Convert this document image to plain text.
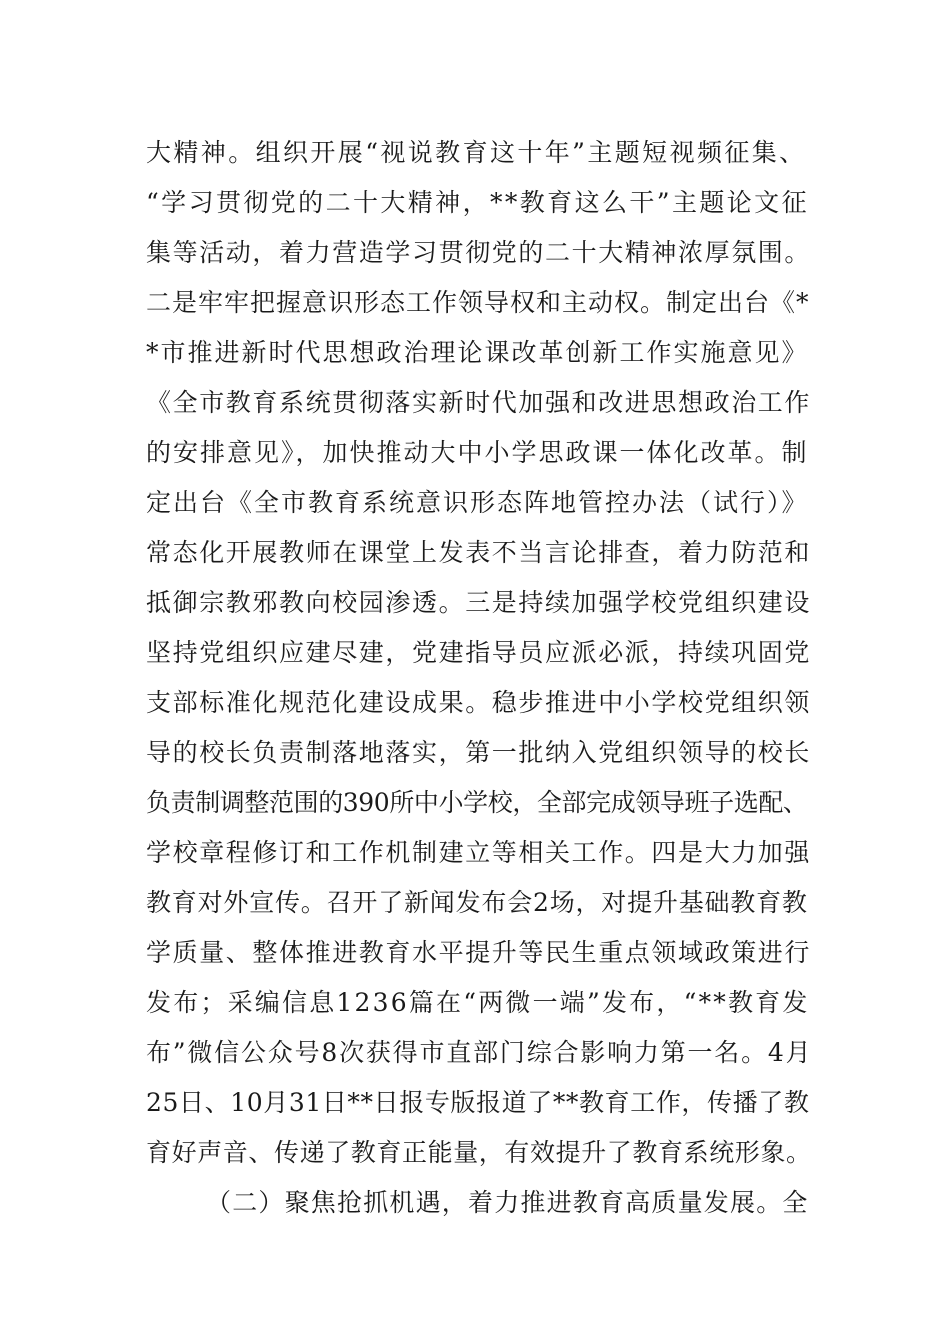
大精神。组织开展“视说教育这十年”主题短视频征集、
“学习贯彻党的二十大精神，**教育这么干”主题论文征
集等活动，着力营造学习贯彻党的二十大精神浓厚氛围。
二是牢牢把握意识形态工作领导权和主动权。制定出台《*
*市推进新时代思想政治理论课改革创新工作实施意见》
《全市教育系统贯彻落实新时代加强和改进思想政治工作
的安排意见》，加快推动大中小学思政课一体化改革。制
定出台《全市教育系统意识形态阵地管控办法（试行）》
常态化开展教师在课堂上发表不当言论排查，着力防范和
抵御宗教邪教向校园渗透。三是持续加强学校党组织建设
坚持党组织应建尽建，党建指导员应派必派，持续巩固党
支部标准化规范化建设成果。稳步推进中小学校党组织领
导的校长负责制落地落实，第一批纳入党组织领导的校长
负责制调整范围的390所中小学校，全部完成领导班子选配、
学校章程修订和工作机制建立等相关工作。四是大力加强
教育对外宣传。召开了新闻发布会2场，对提升基础教育教
学质量、整体推进教育水平提升等民生重点领域政策进行
发布；采编信息1236篇在“两微一端”发布，“**教育发
布”微信公众号8次获得市直部门综合影响力第一名。4月
25日、10月31日**日报专版报道了**教育工作，传播了教
育好声音、传递了教育正能量，有效提升了教育系统形象。
（二）聚焦抢抓机遇，着力推进教育高质量发展。全
